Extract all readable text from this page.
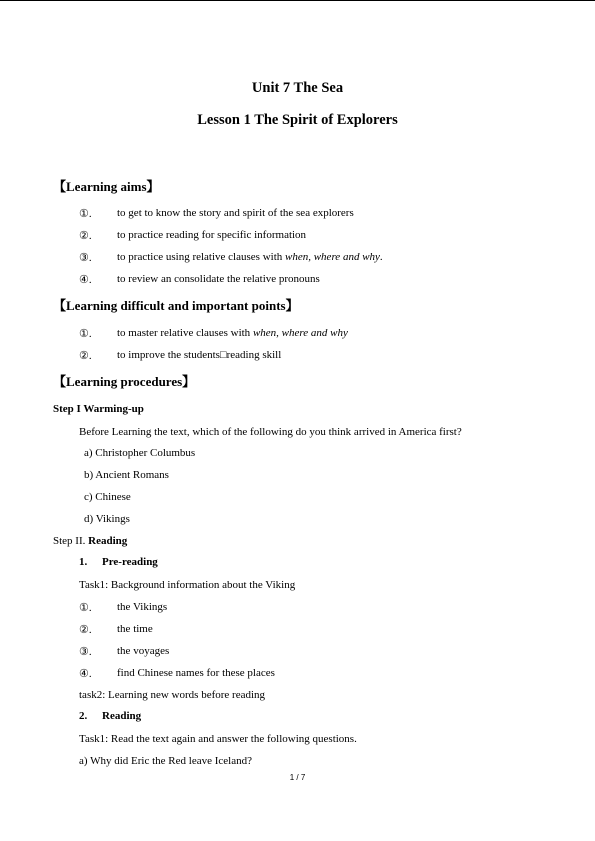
Unit 7 The Sea
Lesson 1 The Spirit of Explorers
【Learning aims】
①. to get to know the story and spirit of the sea explorers
②. to practice reading for specific information
③. to practice using relative clauses with when, where and why.
④. to review an consolidate the relative pronouns
【Learning difficult and important points】
①. to master relative clauses with when, where and why
②. to improve the students□reading skill
【Learning procedures】
Step I Warming-up
Before Learning the text, which of the following do you think arrived in America first?
a) Christopher Columbus
b) Ancient Romans
c) Chinese
d) Vikings
Step II. Reading
1. Pre-reading
Task1: Background information about the Viking
①. the Vikings
②. the time
③. the voyages
④. find Chinese names for these places
task2: Learning new words before reading
2. Reading
Task1: Read the text again and answer the following questions.
a) Why did Eric the Red leave Iceland?
1 / 7
